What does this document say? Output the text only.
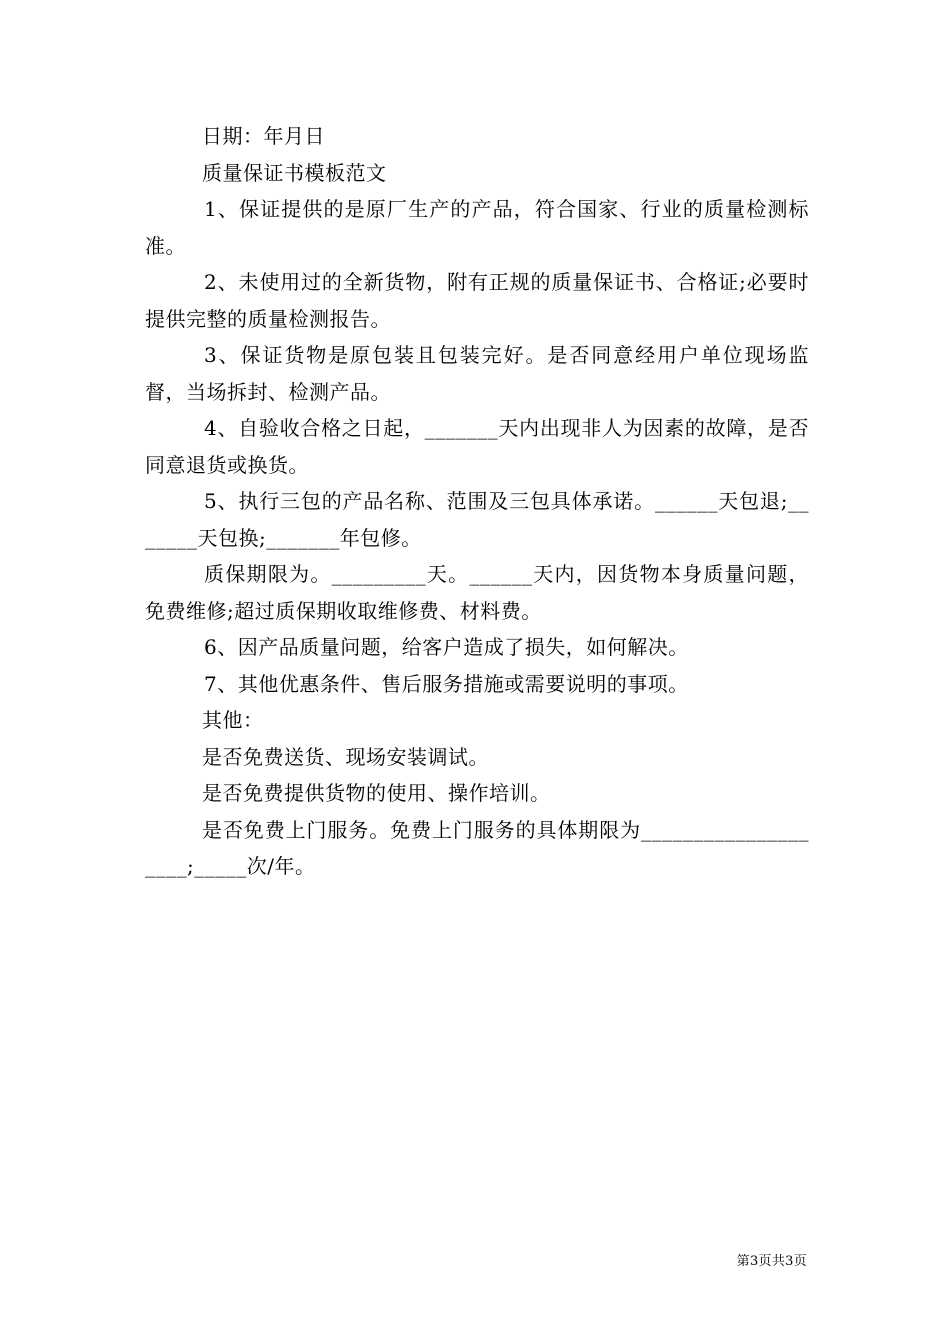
日期：年月日

质量保证书模板范文

1、保证提供的是原厂生产的产品，符合国家、行业的质量检测标准。

2、未使用过的全新货物，附有正规的质量保证书、合格证;必要时提供完整的质量检测报告。

3、保证货物是原包装且包装完好。是否同意经用户单位现场监督，当场拆封、检测产品。

4、自验收合格之日起，_______天内出现非人为因素的故障，是否同意退货或换货。

5、执行三包的产品名称、范围及三包具体承诺。______天包退;_______天包换;_______年包修。

质保期限为。_________天。______天内，因货物本身质量问题，免费维修;超过质保期收取维修费、材料费。

6、因产品质量问题，给客户造成了损失，如何解决。

7、其他优惠条件、售后服务措施或需要说明的事项。

其他：

是否免费送货、现场安装调试。

是否免费提供货物的使用、操作培训。

是否免费上门服务。免费上门服务的具体期限为____________________;_____次/年。

第3页共3页
